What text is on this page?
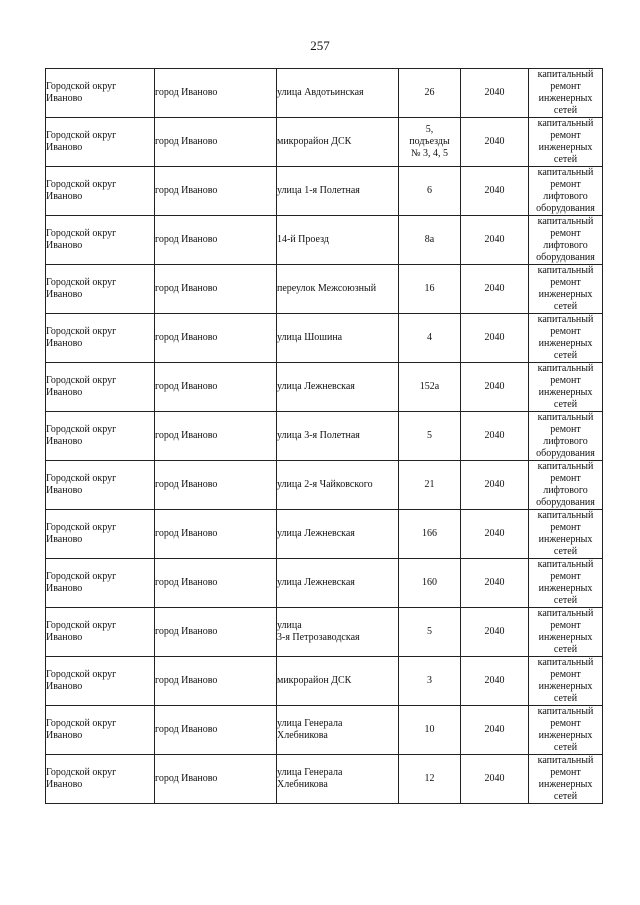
257
Городской округ
Иваново	город Иваново	улица Авдотьинская	26	2040	капитальный
ремонт
инженерных
сетей

Городской округ
Иваново	город Иваново	микрорайон ДСК	5,
подъезды
№ 3, 4, 5	2040	капитальный
ремонт
инженерных
сетей

Городской округ
Иваново	город Иваново	улица 1-я Полетная	6	2040	капитальный
ремонт
лифтового
оборудования

Городской округ
Иваново	город Иваново	14-й Проезд	8а	2040	капитальный
ремонт
лифтового
оборудования

Городской округ
Иваново	город Иваново	переулок Межсоюзный	16	2040	капитальный
ремонт
инженерных
сетей

Городской округ
Иваново	город Иваново	улица Шошина	4	2040	капитальный
ремонт
инженерных
сетей

Городской округ
Иваново	город Иваново	улица Лежневская	152а	2040	капитальный
ремонт
инженерных
сетей

Городской округ
Иваново	город Иваново	улица 3-я Полетная	5	2040	капитальный
ремонт
лифтового
оборудования

Городской округ
Иваново	город Иваново	улица 2-я Чайковского	21	2040	капитальный
ремонт
лифтового
оборудования

Городской округ
Иваново	город Иваново	улица Лежневская	166	2040	капитальный
ремонт
инженерных
сетей

Городской округ
Иваново	город Иваново	улица Лежневская	160	2040	капитальный
ремонт
инженерных
сетей

Городской округ
Иваново	город Иваново	улица
3-я Петрозаводская	5	2040	капитальный
ремонт
инженерных
сетей

Городской округ
Иваново	город Иваново	микрорайон ДСК	3	2040	капитальный
ремонт
инженерных
сетей

Городской округ
Иваново	город Иваново	улица Генерала
Хлебникова	10	2040	капитальный
ремонт
инженерных
сетей

Городской округ
Иваново	город Иваново	улица Генерала
Хлебникова	12	2040	капитальный
ремонт
инженерных
сетей
